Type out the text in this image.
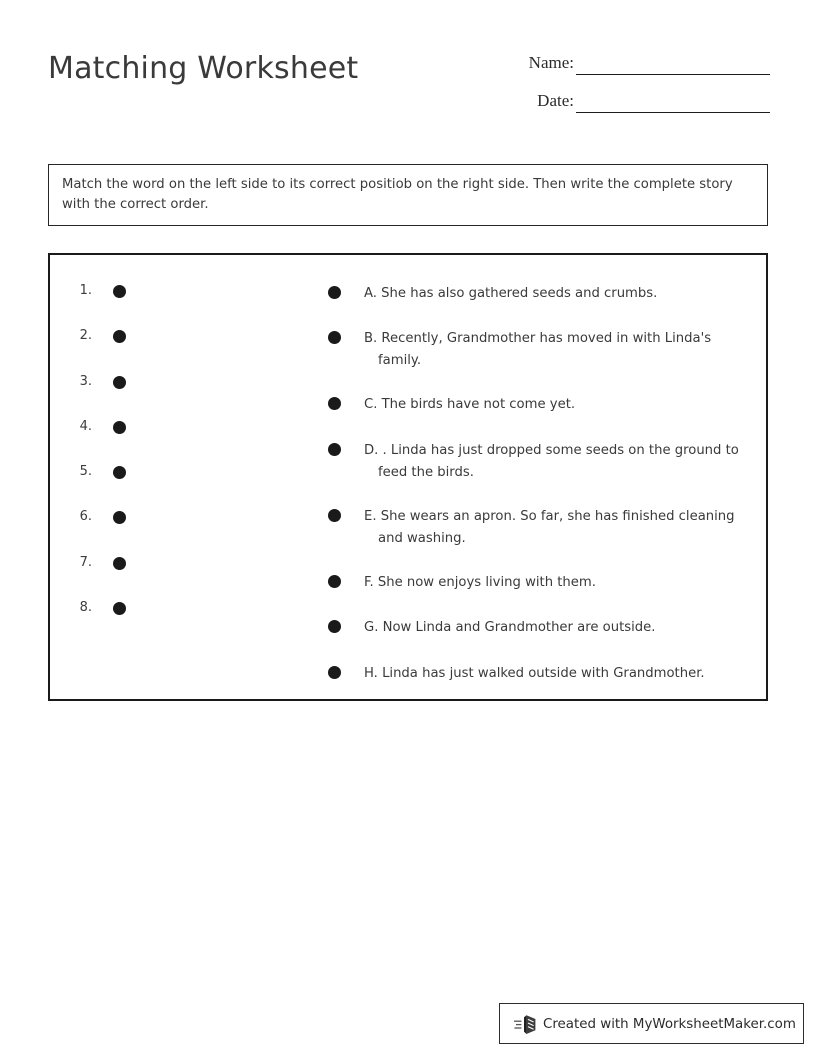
Matching Worksheet	Name:
Date:
Match the word on the left side to its correct positiob on the right side. Then write the complete story with the correct order.
1.
2.
3.
4.
5.
6.
7.
8.
A. She has also gathered seeds and crumbs.
B. Recently, Grandmother has moved in with Linda's family.
C. The birds have not come yet.
D. . Linda has just dropped some seeds on the ground to feed the birds.
E. She wears an apron. So far, she has finished cleaning and washing.
F. She now enjoys living with them.
G. Now Linda and Grandmother are outside.
H. Linda has just walked outside with Grandmother.
Created with MyWorksheetMaker.com
